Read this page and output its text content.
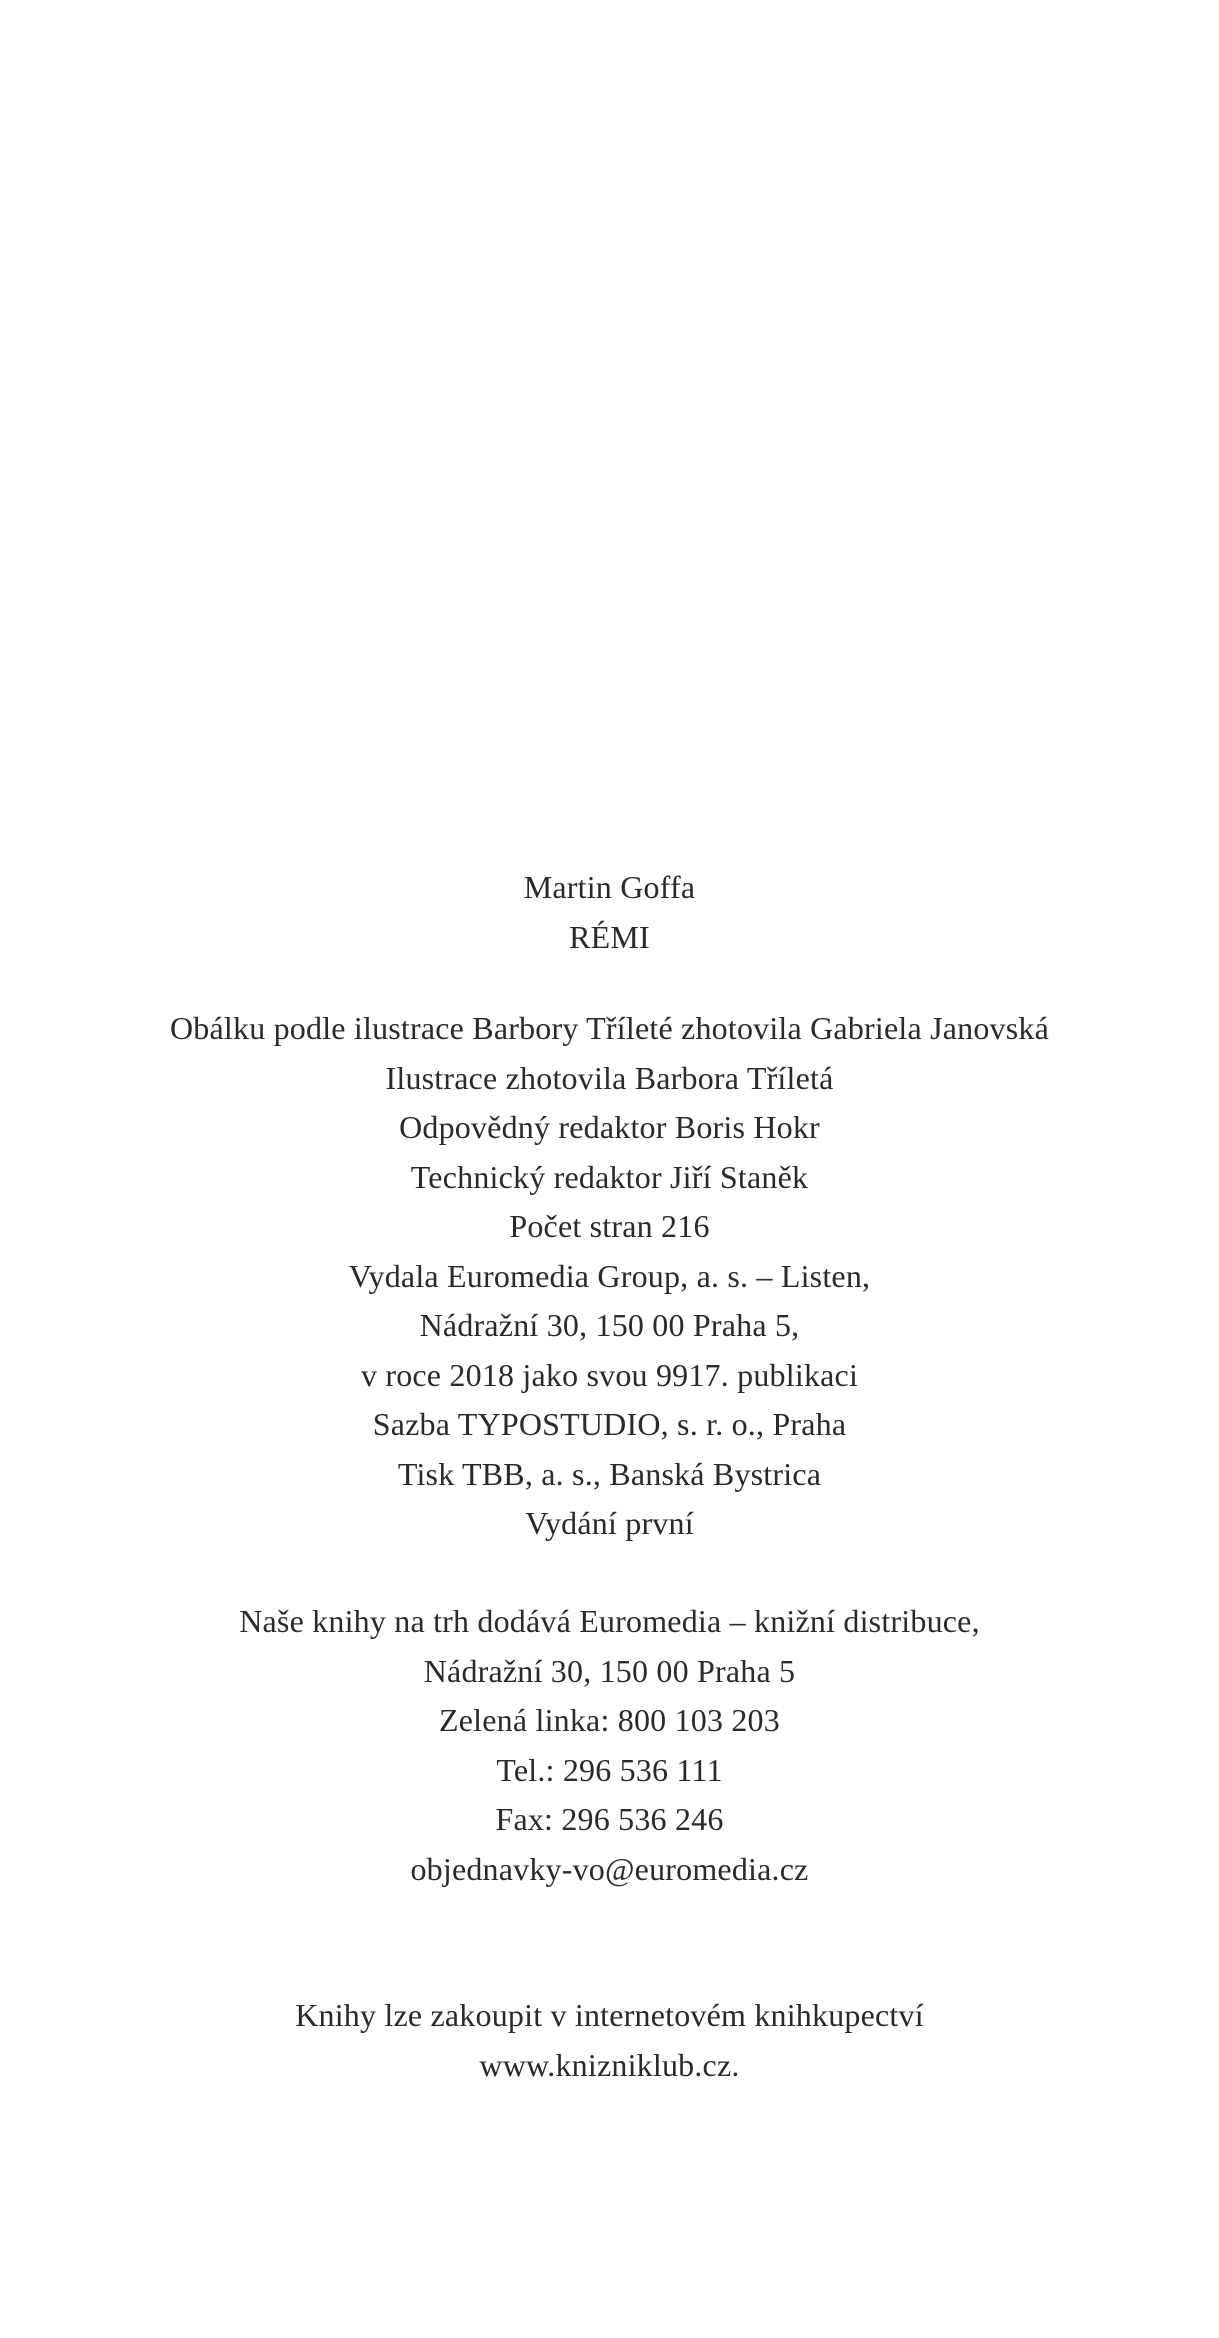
Martin Goffa
RÉMI
Obálku podle ilustrace Barbory Tříleté zhotovila Gabriela Janovská
Ilustrace zhotovila Barbora Tříletá
Odpovědný redaktor Boris Hokr
Technický redaktor Jiří Staněk
Počet stran 216
Vydala Euromedia Group, a. s. – Listen,
Nádražní 30, 150 00 Praha 5,
v roce 2018 jako svou 9917. publikaci
Sazba TYPOSTUDIO, s. r. o., Praha
Tisk TBB, a. s., Banská Bystrica
Vydání první
Naše knihy na trh dodává Euromedia – knižní distribuce,
Nádražní 30, 150 00 Praha 5
Zelená linka: 800 103 203
Tel.: 296 536 111
Fax: 296 536 246
objednavky-vo@euromedia.cz
Knihy lze zakoupit v internetovém knihkupectví
www.knizniklub.cz.
